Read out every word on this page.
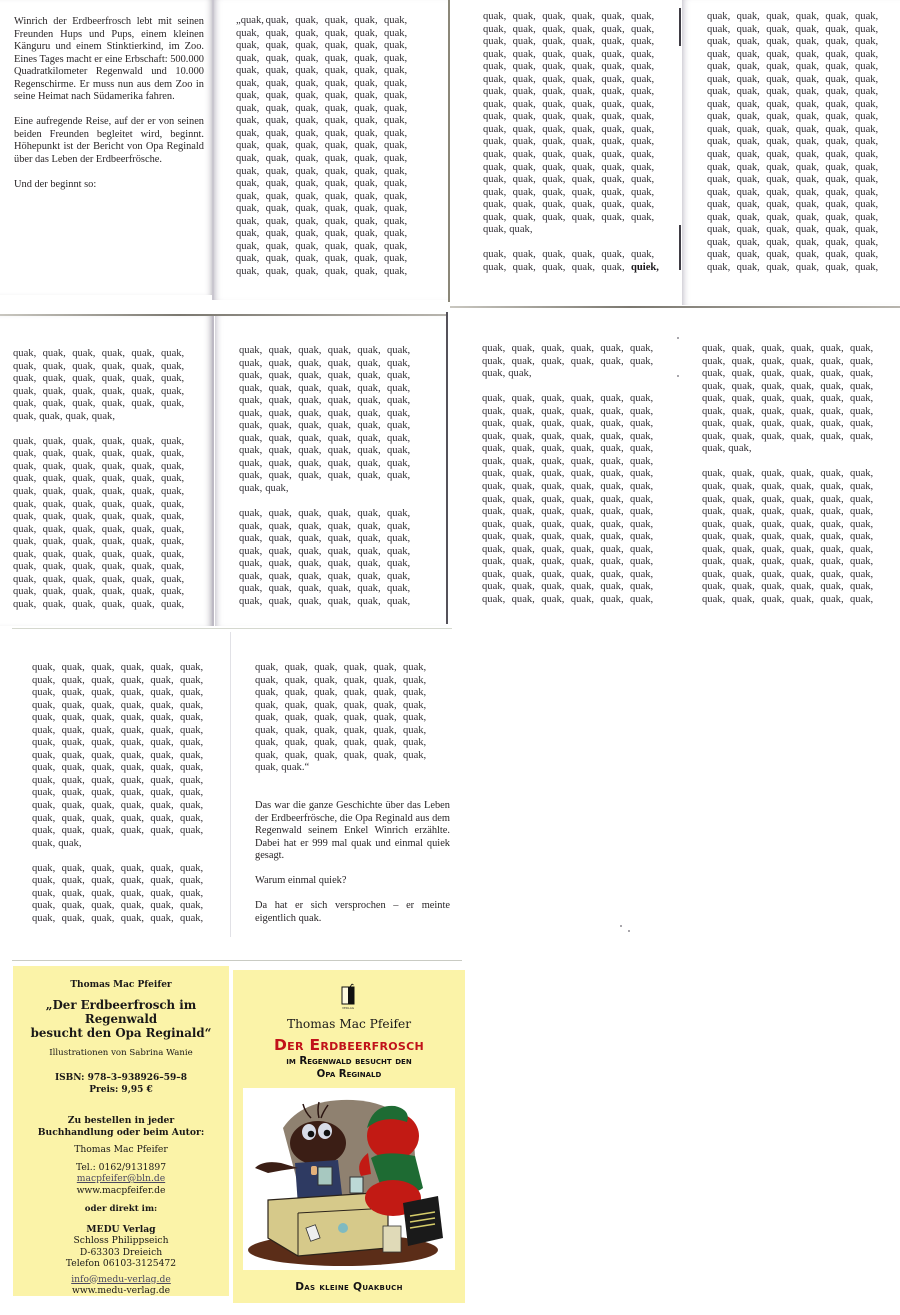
Winrich der Erdbeerfrosch lebt mit seinen Freunden Hups und Pups, einem kleinen Känguru und einem Stinktierkind, im Zoo. Eines Tages macht er eine Erbschaft: 500.000 Quadratkilometer Regenwald und 10.000 Regenschirme. Er muss nun aus dem Zoo in seine Heimat nach Südamerika fahren.

Eine aufregende Reise, auf der er von seinen beiden Freunden begleitet wird, beginnt. Höhepunkt ist der Bericht von Opa Reginald über das Leben der Erdbeerfrösche.

Und der beginnt so:

„quak, quak, quak, quak, quak, quak,
quak, quak, quak, quak, quak, quak,
quak, quak, quak, quak, quak, quak,
quak, quak, quak, quak, quak, quak,
quak, quak, quak, quak, quak, quak,
quak, quak, quak, quak, quak, quak,
quak, quak, quak, quak, quak, quak,
quak, quak, quak, quak, quak, quak,
quak, quak, quak, quak, quak, quak,
quak, quak, quak, quak, quak, quak,
quak, quak, quak, quak, quak, quak,
quak, quak, quak, quak, quak, quak,
quak, quak, quak, quak, quak, quak,
quak, quak, quak, quak, quak, quak,
quak, quak, quak, quak, quak, quak,
quak, quak, quak, quak, quak, quak,
quak, quak, quak, quak, quak, quak,
quak, quak, quak, quak, quak, quak,
quak, quak, quak, quak, quak, quak,
quak, quak, quak, quak, quak, quak,
quak, quak, quak, quak, quak, quak,
quak, quak, quak, quak, quak, quak,
quak, quak, quak, quak, quak, quak,
quak, quak, quak, quak, quak, quak,
quak, quak, quak, quak, quak, quak,
quak, quak, quak, quak, quak, quak,
quak, quak, quak, quak, quak, quak,
quak, quak, quak, quak, quak, quak,
quak, quak, quak, quak, quak, quak,
quak, quak, quak, quak, quak, quak,
quak, quak, quak, quak, quak, quak,
quak, quak, quak, quak, quak, quak,
quak, quak, quak, quak, quak, quak,
quak, quak, quak, quak, quak, quak,
quak, quak, quak, quak, quak, quak,
quak, quak, quak, quak, quak, quak,
quak, quak, quak, quak, quak, quak,
quak, quak, quak, quak, quak, quak,
quak, quak,
quak, quak, quak, quak, quak, quak,
quak, quak, quak, quak, quak, quiek,
quak, quak, quak, quak, quak, quak,
quak, quak, quak, quak, quak, quak,
quak, quak, quak, quak, quak, quak,
quak, quak, quak, quak, quak, quak,
quak, quak, quak, quak, quak, quak,
quak, quak, quak, quak, quak, quak,
quak, quak, quak, quak, quak, quak,
quak, quak, quak, quak, quak, quak,
quak, quak, quak, quak, quak, quak,
quak, quak, quak, quak, quak, quak,
quak, quak, quak, quak, quak, quak,
quak, quak, quak, quak, quak, quak,
quak, quak, quak, quak, quak, quak,
quak, quak, quak, quak, quak, quak,
quak, quak, quak, quak, quak, quak,
quak, quak, quak, quak, quak, quak,
quak, quak, quak, quak, quak, quak,
quak, quak, quak, quak, quak, quak,
quak, quak, quak, quak, quak, quak,
quak, quak, quak, quak, quak, quak,
quak, quak, quak, quak, quak, quak,
quak, quak, quak, quak, quak, quak,
quak, quak, quak, quak, quak, quak,
quak, quak, quak, quak, quak, quak,
quak, quak, quak, quak, quak, quak,
quak, quak, quak, quak, quak, quak,
quak, quak, quak, quak,
quak, quak, quak, quak, quak, quak,
quak, quak, quak, quak, quak, quak,
quak, quak, quak, quak, quak, quak,
quak, quak, quak, quak, quak, quak,
quak, quak, quak, quak, quak, quak,
quak, quak, quak, quak, quak, quak,
quak, quak, quak, quak, quak, quak,
quak, quak, quak, quak, quak, quak,
quak, quak, quak, quak, quak, quak,
quak, quak, quak, quak, quak, quak,
quak, quak, quak, quak, quak, quak,
quak, quak, quak, quak, quak, quak,
quak, quak, quak, quak, quak, quak,
quak, quak, quak, quak, quak, quak,
quak, quak, quak, quak, quak, quak,
quak, quak, quak, quak, quak, quak,
quak, quak, quak, quak, quak, quak,
quak, quak, quak, quak, quak, quak,
quak, quak, quak, quak, quak, quak,
quak, quak, quak, quak, quak, quak,
quak, quak, quak, quak, quak, quak,
quak, quak, quak, quak, quak, quak,
quak, quak, quak, quak, quak, quak,
quak, quak, quak, quak, quak, quak,
quak, quak, quak, quak, quak, quak,
quak, quak,
quak, quak, quak, quak, quak, quak,
quak, quak, quak, quak, quak, quak,
quak, quak, quak, quak, quak, quak,
quak, quak, quak, quak, quak, quak,
quak, quak, quak, quak, quak, quak,
quak, quak, quak, quak, quak, quak,
quak, quak, quak, quak, quak, quak,
quak, quak, quak, quak, quak, quak,
quak, quak, quak, quak, quak, quak,
quak, quak, quak, quak, quak, quak,
quak, quak,
quak, quak, quak, quak, quak, quak,
quak, quak, quak, quak, quak, quak,
quak, quak, quak, quak, quak, quak,
quak, quak, quak, quak, quak, quak,
quak, quak, quak, quak, quak, quak,
quak, quak, quak, quak, quak, quak,
quak, quak, quak, quak, quak, quak,
quak, quak, quak, quak, quak, quak,
quak, quak, quak, quak, quak, quak,
quak, quak, quak, quak, quak, quak,
quak, quak, quak, quak, quak, quak,
quak, quak, quak, quak, quak, quak,
quak, quak, quak, quak, quak, quak,
quak, quak, quak, quak, quak, quak,
quak, quak, quak, quak, quak, quak,
quak, quak, quak, quak, quak, quak,
quak, quak, quak, quak, quak, quak,
quak, quak, quak, quak, quak, quak,
quak, quak, quak, quak, quak, quak,
quak, quak, quak, quak, quak, quak,
quak, quak, quak, quak, quak, quak,
quak, quak, quak, quak, quak, quak,
quak, quak, quak, quak, quak, quak,
quak, quak, quak, quak, quak, quak,
quak, quak, quak, quak, quak, quak,
quak, quak,
quak, quak, quak, quak, quak, quak,
quak, quak, quak, quak, quak, quak,
quak, quak, quak, quak, quak, quak,
quak, quak, quak, quak, quak, quak,
quak, quak, quak, quak, quak, quak,
quak, quak, quak, quak, quak, quak,
quak, quak, quak, quak, quak, quak,
quak, quak, quak, quak, quak, quak,
quak, quak, quak, quak, quak, quak,
quak, quak, quak, quak, quak, quak,
quak, quak, quak, quak, quak, quak,
quak, quak, quak, quak, quak, quak,
quak, quak, quak, quak, quak, quak,
quak, quak, quak, quak, quak, quak,
quak, quak, quak, quak, quak, quak,
quak, quak, quak, quak, quak, quak,
quak, quak, quak, quak, quak, quak,
quak, quak, quak, quak, quak, quak,
quak, quak, quak, quak, quak, quak,
quak, quak, quak, quak, quak, quak,
quak, quak, quak, quak, quak, quak,
quak, quak, quak, quak, quak, quak,
quak, quak, quak, quak, quak, quak,
quak, quak, quak, quak, quak, quak,
quak, quak, quak, quak, quak, quak,
quak, quak,
quak, quak, quak, quak, quak, quak,
quak, quak, quak, quak, quak, quak,
quak, quak, quak, quak, quak, quak,
quak, quak, quak, quak, quak, quak,
quak, quak, quak, quak, quak, quak,
quak, quak, quak, quak, quak, quak,
quak, quak, quak, quak, quak, quak,
quak, quak, quak, quak, quak, quak,
quak, quak, quak, quak, quak, quak,
quak, quak, quak, quak, quak, quak,
quak, quak, quak, quak, quak, quak,
quak, quak, quak, quak, quak, quak,
quak, quak, quak, quak, quak, quak,
quak, quak.“

Das war die ganze Geschichte über das Leben der Erdbeerfrösche, die Opa Reginald aus dem Regenwald seinem Enkel Winrich erzählte. Dabei hat er 999 mal quak und einmal quiek gesagt.

Warum einmal quiek?

Da hat er sich versprochen – er meinte eigentlich quak.

Thomas Mac Pfeifer
„Der Erdbeerfrosch im Regenwald
besucht den Opa Reginald“
Illustrationen von Sabrina Wanie
ISBN: 978–3–938926–59–8
Preis: 9,95 €
Zu bestellen in jeder
Buchhandlung oder beim Autor:
Thomas Mac Pfeifer
Tel.: 0162/9131897
macpfeifer@bln.de
www.macpfeifer.de
oder direkt im:
MEDU Verlag
Schloss Philippseich
D-63303 Dreieich
Telefon 06103-3125472
info@medu-verlag.de
www.medu-verlag.de
VERLAG
Thomas Mac Pfeifer
Der Erdbeerfrosch
im Regenwald besucht den
Opa Reginald
Das kleine Quakbuch
